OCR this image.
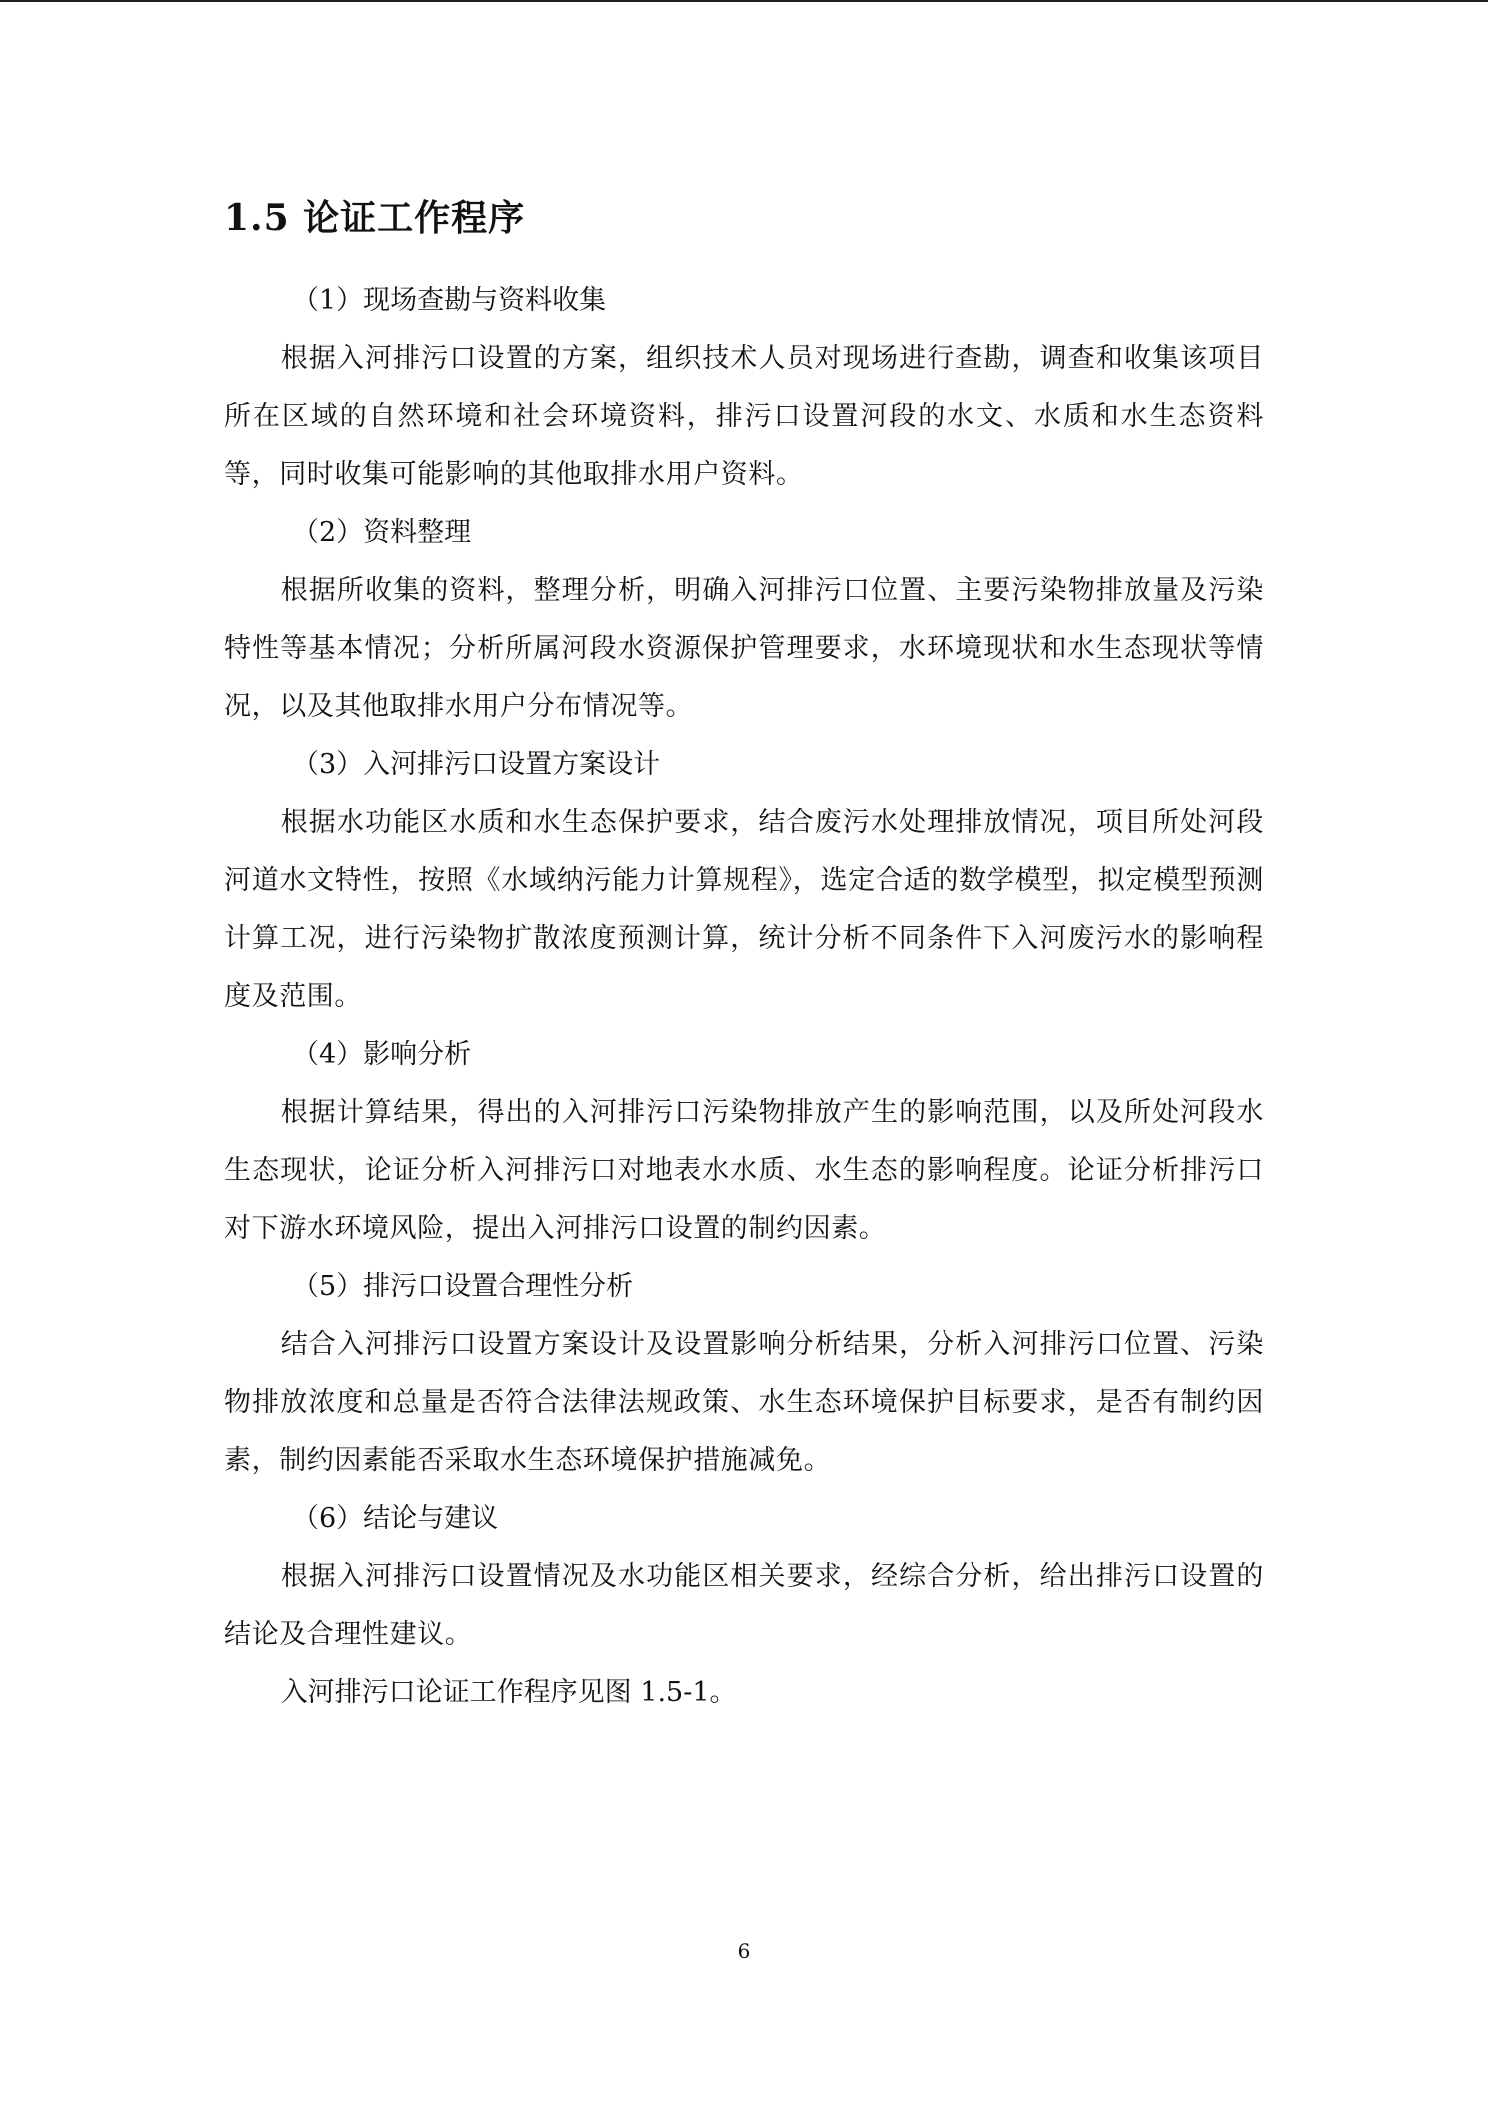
1.5 论证工作程序

（1）现场查勘与资料收集

根据入河排污口设置的方案，组织技术人员对现场进行查勘，调查和收集该项目所在区域的自然环境和社会环境资料，排污口设置河段的水文、水质和水生态资料等，同时收集可能影响的其他取排水用户资料。

（2）资料整理

根据所收集的资料，整理分析，明确入河排污口位置、主要污染物排放量及污染特性等基本情况；分析所属河段水资源保护管理要求，水环境现状和水生态现状等情况，以及其他取排水用户分布情况等。

（3）入河排污口设置方案设计

根据水功能区水质和水生态保护要求，结合废污水处理排放情况，项目所处河段河道水文特性，按照《水域纳污能力计算规程》，选定合适的数学模型，拟定模型预测计算工况，进行污染物扩散浓度预测计算，统计分析不同条件下入河废污水的影响程度及范围。

（4）影响分析

根据计算结果，得出的入河排污口污染物排放产生的影响范围，以及所处河段水生态现状，论证分析入河排污口对地表水水质、水生态的影响程度。论证分析排污口对下游水环境风险，提出入河排污口设置的制约因素。

（5）排污口设置合理性分析

结合入河排污口设置方案设计及设置影响分析结果，分析入河排污口位置、污染物排放浓度和总量是否符合法律法规政策、水生态环境保护目标要求，是否有制约因素，制约因素能否采取水生态环境保护措施减免。

（6）结论与建议

根据入河排污口设置情况及水功能区相关要求，经综合分析，给出排污口设置的结论及合理性建议。

入河排污口论证工作程序见图 1.5-1。

6
